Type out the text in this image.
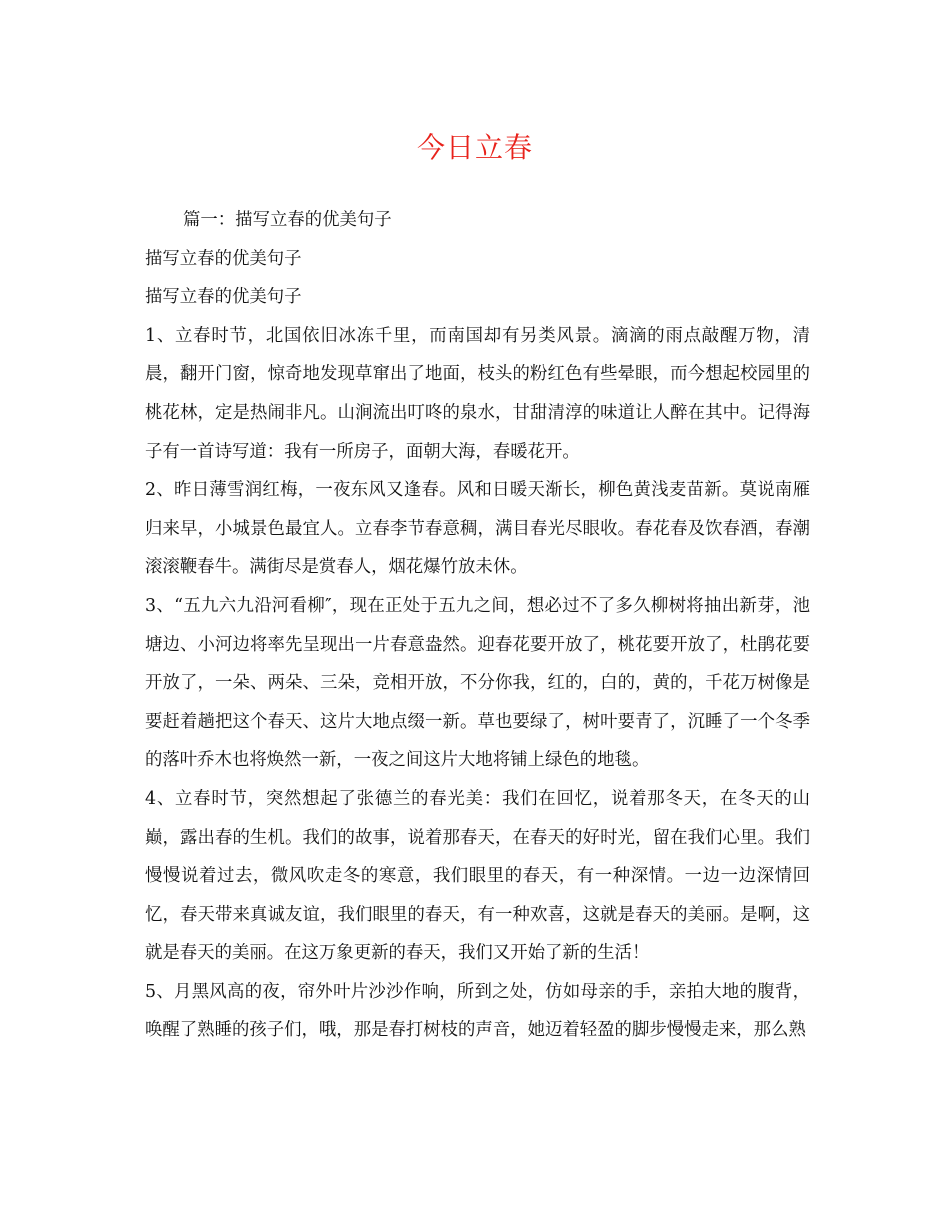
今日立春

篇一：描写立春的优美句子

描写立春的优美句子

描写立春的优美句子

1、立春时节，北国依旧冰冻千里，而南国却有另类风景。滴滴的雨点敲醒万物，清晨，翻开门窗，惊奇地发现草窜出了地面，枝头的粉红色有些晕眼，而今想起校园里的桃花林，定是热闹非凡。山涧流出叮咚的泉水，甘甜清淳的味道让人醉在其中。记得海子有一首诗写道：我有一所房子，面朝大海，春暖花开。

2、昨日薄雪润红梅，一夜东风又逢春。风和日暖天渐长，柳色黄浅麦苗新。莫说南雁归来早，小城景色最宜人。立春李节春意稠，满目春光尽眼收。春花春及饮春酒，春潮滚滚鞭春牛。满街尽是赏春人，烟花爆竹放未休。

3、“五九六九沿河看柳″，现在正处于五九之间，想必过不了多久柳树将抽出新芽，池塘边、小河边将率先呈现出一片春意盎然。迎春花要开放了，桃花要开放了，杜鹃花要开放了，一朵、两朵、三朵，竞相开放，不分你我，红的，白的，黄的，千花万树像是要赶着趟把这个春天、这片大地点缀一新。草也要绿了，树叶要青了，沉睡了一个冬季的落叶乔木也将焕然一新，一夜之间这片大地将铺上绿色的地毯。

4、立春时节，突然想起了张德兰的春光美：我们在回忆，说着那冬天，在冬天的山巅，露出春的生机。我们的故事，说着那春天，在春天的好时光，留在我们心里。我们慢慢说着过去，微风吹走冬的寒意，我们眼里的春天，有一种深情。一边一边深情回忆，春天带来真诚友谊，我们眼里的春天，有一种欢喜，这就是春天的美丽。是啊，这就是春天的美丽。在这万象更新的春天，我们又开始了新的生活！

5、月黑风高的夜，帘外叶片沙沙作响，所到之处，仿如母亲的手，亲拍大地的腹背，唤醒了熟睡的孩子们，哦，那是春打树枝的声音，她迈着轻盈的脚步慢慢走来，那么熟
